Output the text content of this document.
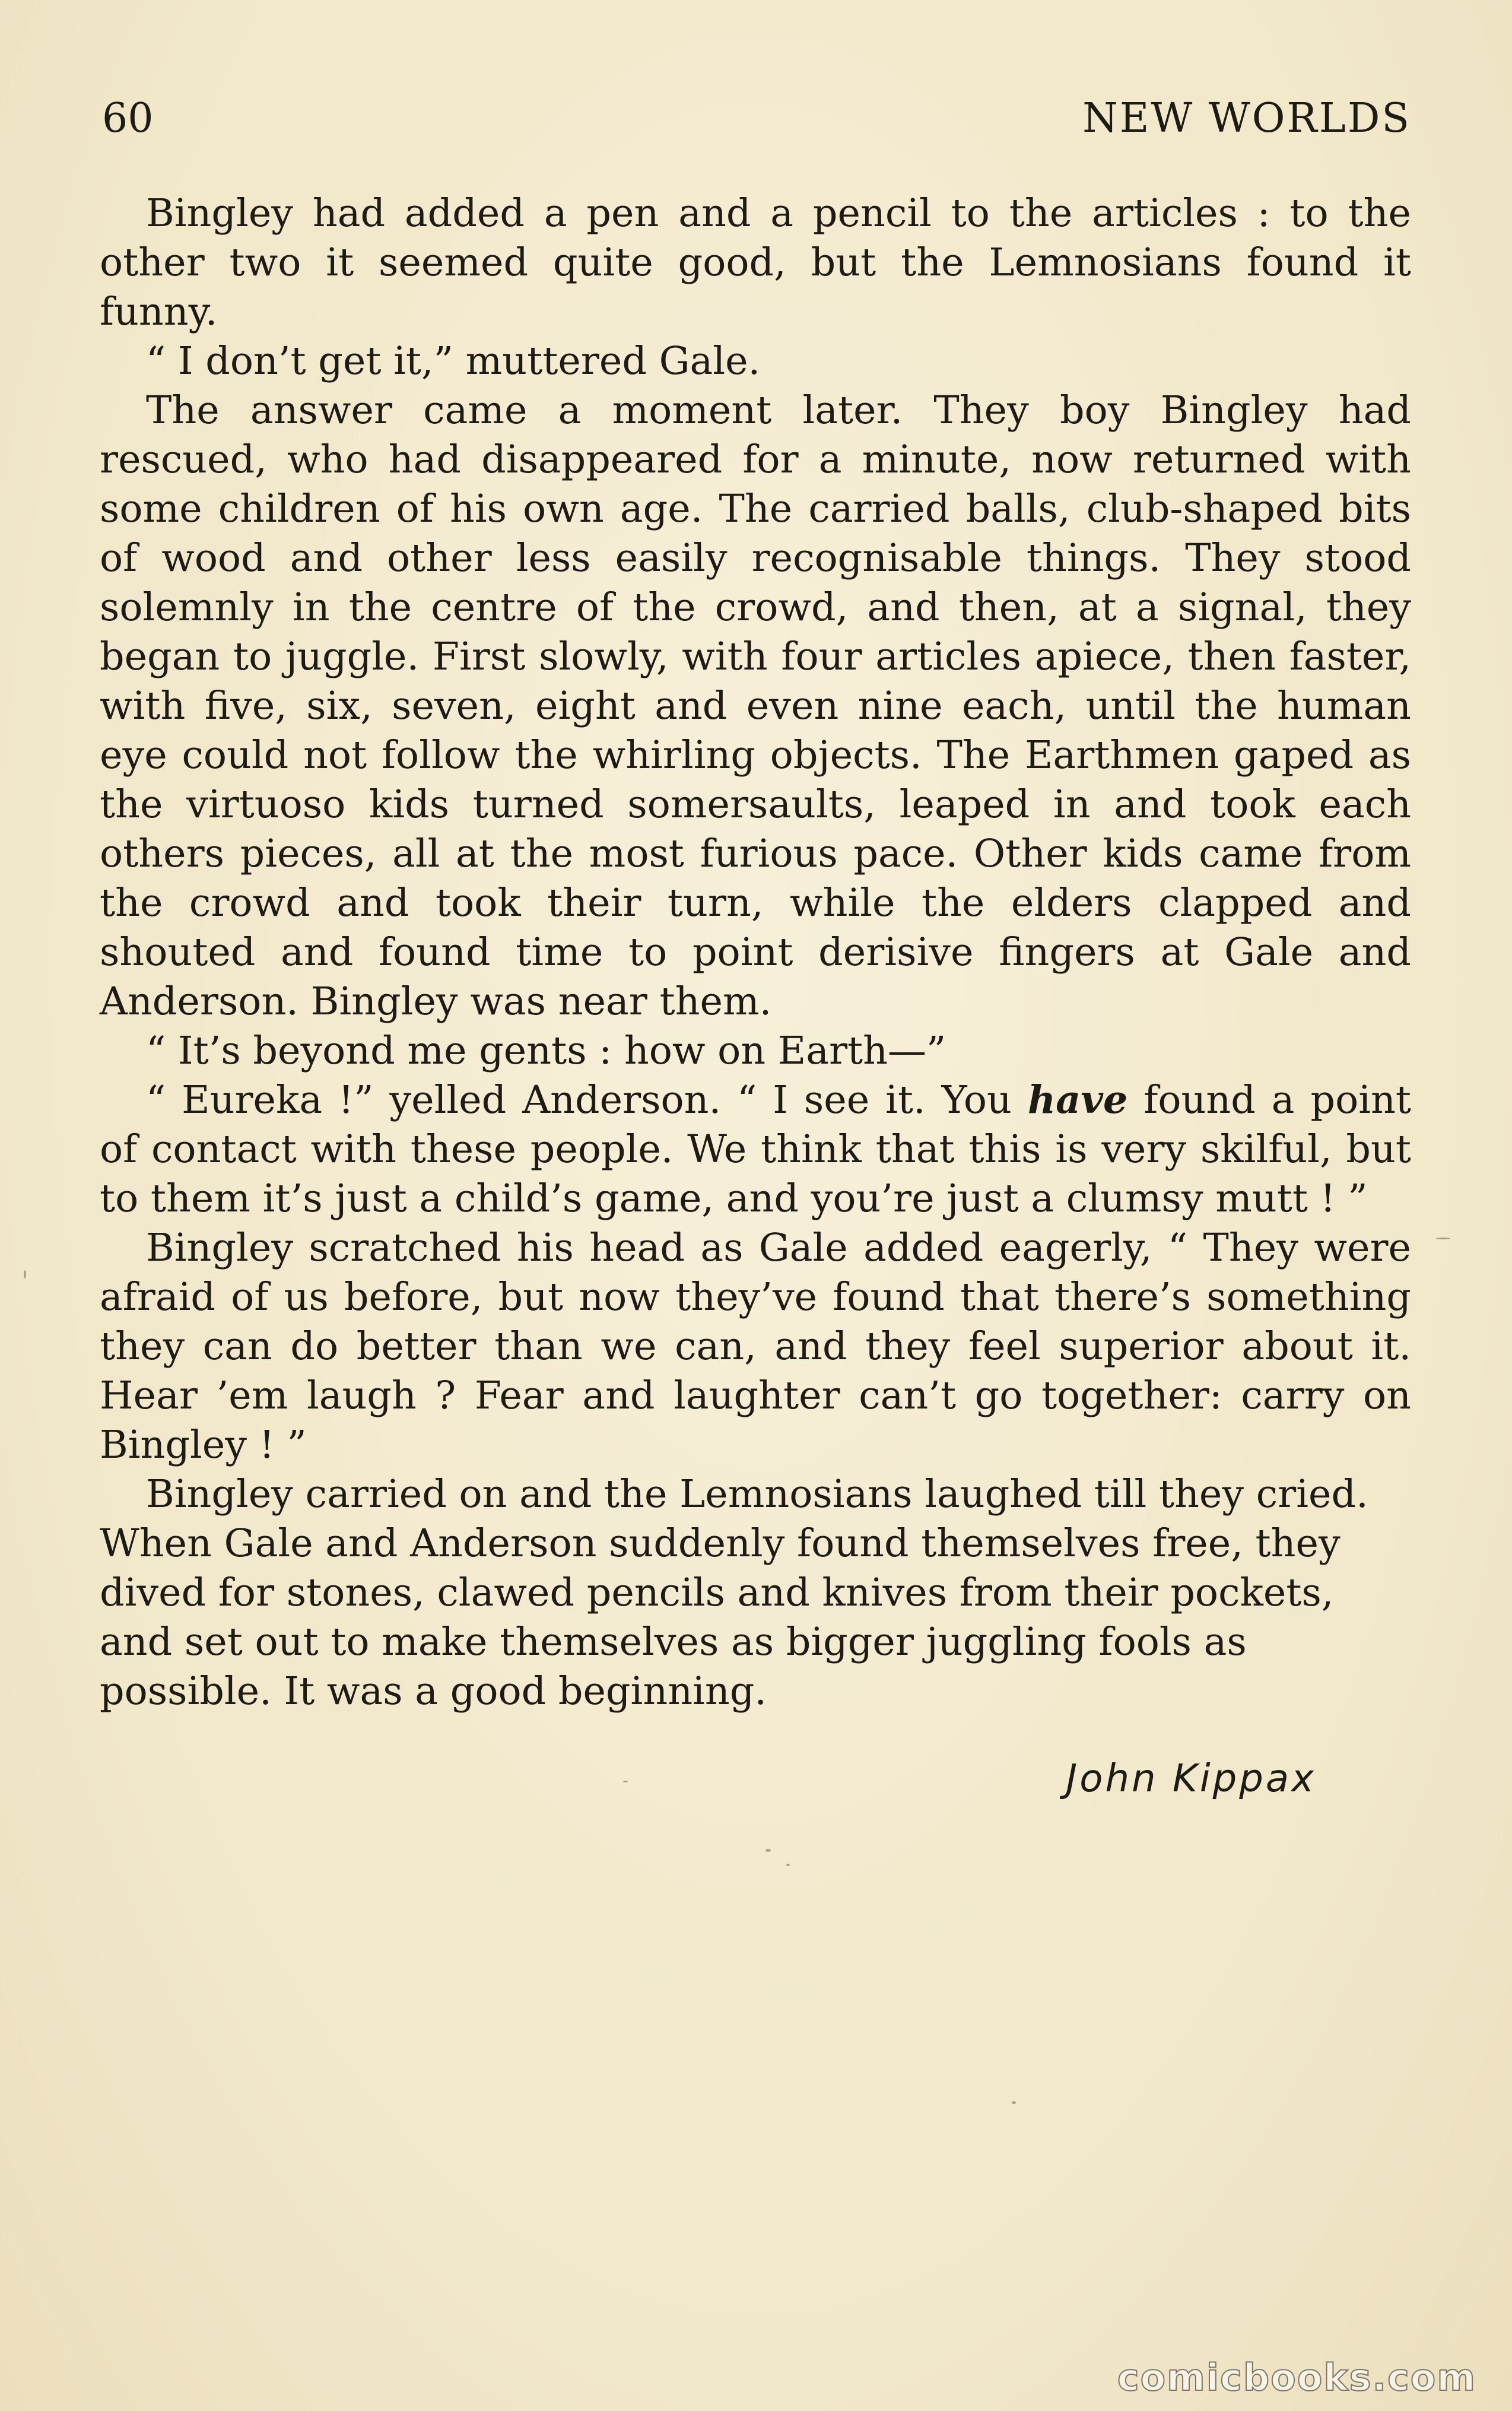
60	NEW WORLDS

Bingley had added a pen and a pencil to the articles : to the other two it seemed quite good, but the Lemnosians found it funny.

“ I don’t get it,” muttered Gale.

The answer came a moment later. They boy Bingley had rescued, who had disappeared for a minute, now returned with some children of his own age. The carried balls, club-shaped bits of wood and other less easily recognisable things. They stood solemnly in the centre of the crowd, and then, at a signal, they began to juggle. First slowly, with four articles apiece, then faster, with five, six, seven, eight and even nine each, until the human eye could not follow the whirling objects. The Earthmen gaped as the virtuoso kids turned somersaults, leaped in and took each others pieces, all at the most furious pace. Other kids came from the crowd and took their turn, while the elders clapped and shouted and found time to point derisive fingers at Gale and Anderson. Bingley was near them.

“ It’s beyond me gents : how on Earth—”

“ Eureka !” yelled Anderson. “ I see it. You have found a point of contact with these people. We think that this is very skilful, but to them it’s just a child’s game, and you’re just a clumsy mutt ! ”

Bingley scratched his head as Gale added eagerly, “ They were afraid of us before, but now they’ve found that there’s something they can do better than we can, and they feel superior about it. Hear ’em laugh ? Fear and laughter can’t go together: carry on Bingley ! ”

Bingley carried on and the Lemnosians laughed till they cried. When Gale and Anderson suddenly found themselves free, they dived for stones, clawed pencils and knives from their pockets, and set out to make themselves as bigger juggling fools as possible. It was a good beginning.

John Kippax
comicbooks.com
